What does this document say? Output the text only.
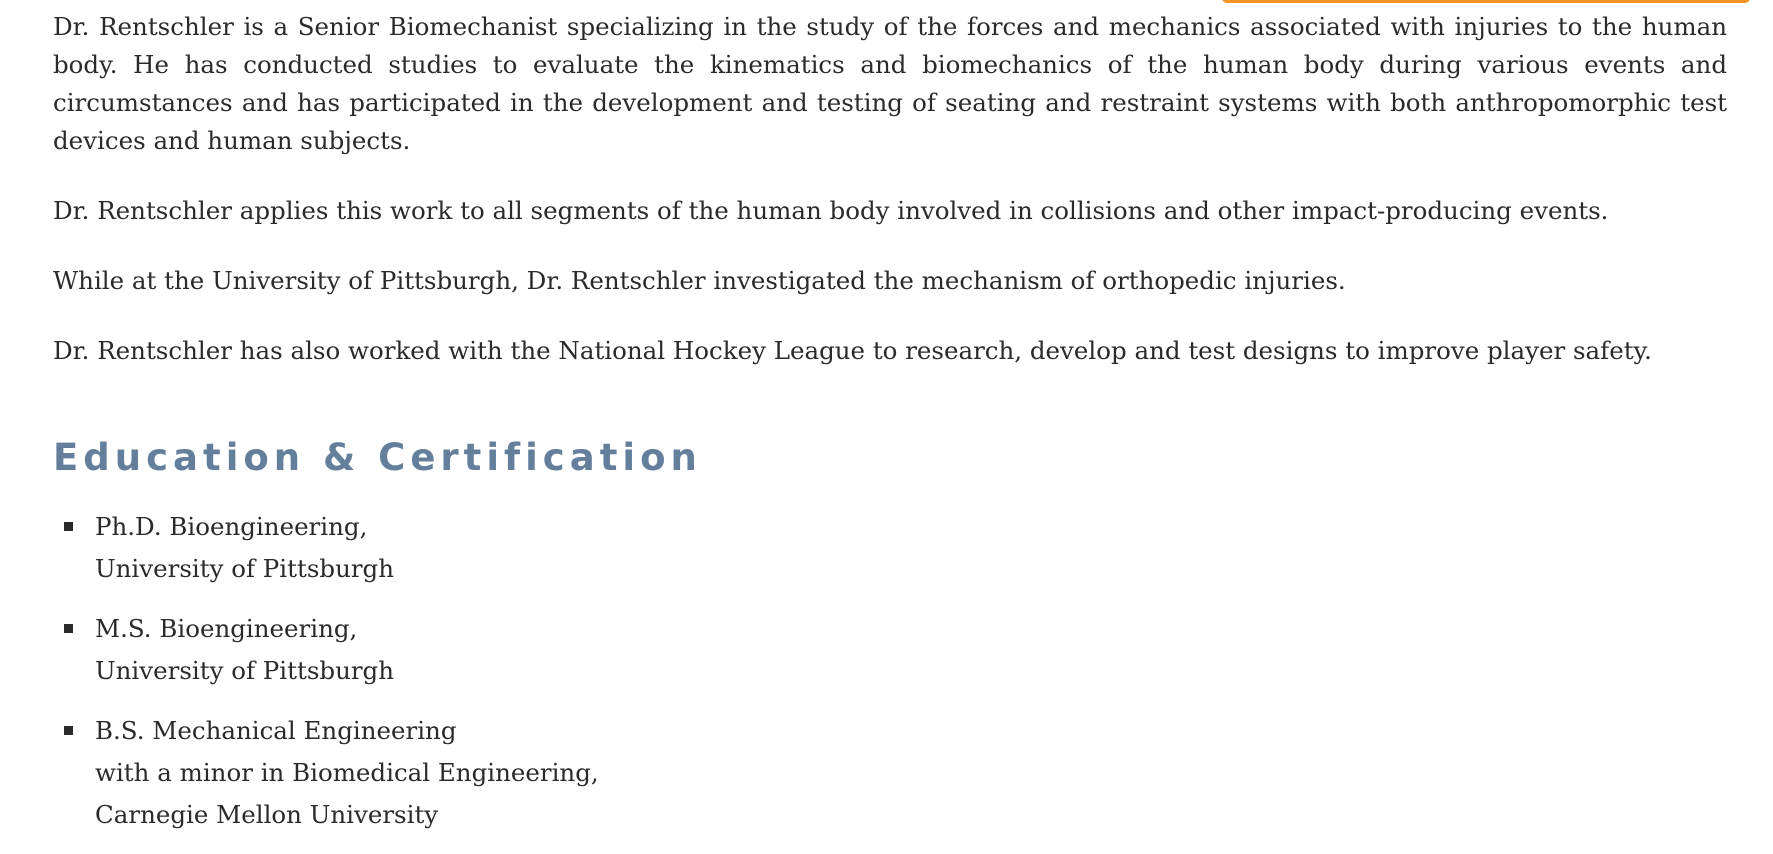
Dr. Rentschler is a Senior Biomechanist specializing in the study of the forces and mechanics associated with injuries to the human body. He has conducted studies to evaluate the kinematics and biomechanics of the human body during various events and circumstances and has participated in the development and testing of seating and restraint systems with both anthropomorphic test devices and human subjects.

Dr. Rentschler applies this work to all segments of the human body involved in collisions and other impact-producing events.

While at the University of Pittsburgh, Dr. Rentschler investigated the mechanism of orthopedic injuries.

Dr. Rentschler has also worked with the National Hockey League to research, develop and test designs to improve player safety.

Education & Certification
Ph.D. Bioengineering,
University of Pittsburgh
M.S. Bioengineering,
University of Pittsburgh
B.S. Mechanical Engineering
with a minor in Biomedical Engineering,
Carnegie Mellon University
